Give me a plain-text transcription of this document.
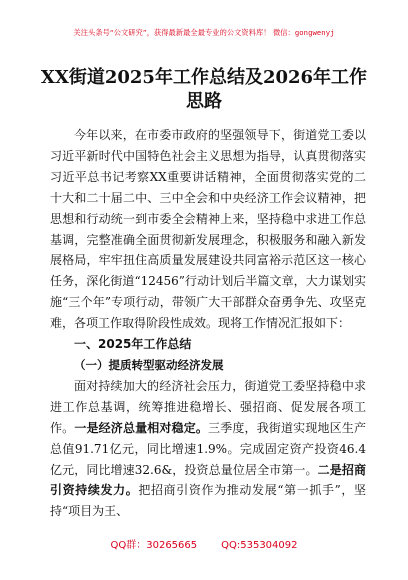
关注头条号“公文研究”，获得最新最全最专业的公文资料库！ 微信：gongwenyj
XX街道2025年工作总结及2026年工作思路

今年以来，在市委市政府的坚强领导下，街道党工委以习近平新时代中国特色社会主义思想为指导，认真贯彻落实习近平总书记考察XX重要讲话精神，全面贯彻落实党的二十大和二十届二中、三中全会和中央经济工作会议精神，把思想和行动统一到市委全会精神上来，坚持稳中求进工作总基调，完整准确全面贯彻新发展理念，积极服务和融入新发展格局，牢牢扭住高质量发展建设共同富裕示范区这一核心任务，深化街道“12456”行动计划后半篇文章，大力谋划实施“三个年”专项行动，带领广大干部群众奋勇争先、攻坚克难，各项工作取得阶段性成效。现将工作情况汇报如下：

一、2025年工作总结

（一）提质转型驱动经济发展

面对持续加大的经济社会压力，街道党工委坚持稳中求进工作总基调，统筹推进稳增长、强招商、促发展各项工作。一是经济总量相对稳定。三季度，我街道实现地区生产总值91.71亿元，同比增速1.9%。完成固定资产投资46.4亿元，同比增速32.6&，投资总量位居全市第一。二是招商引资持续发力。把招商引资作为推动发展“第一抓手”，坚持“项目为王、

QQ群：30265665 QQ:535304092
